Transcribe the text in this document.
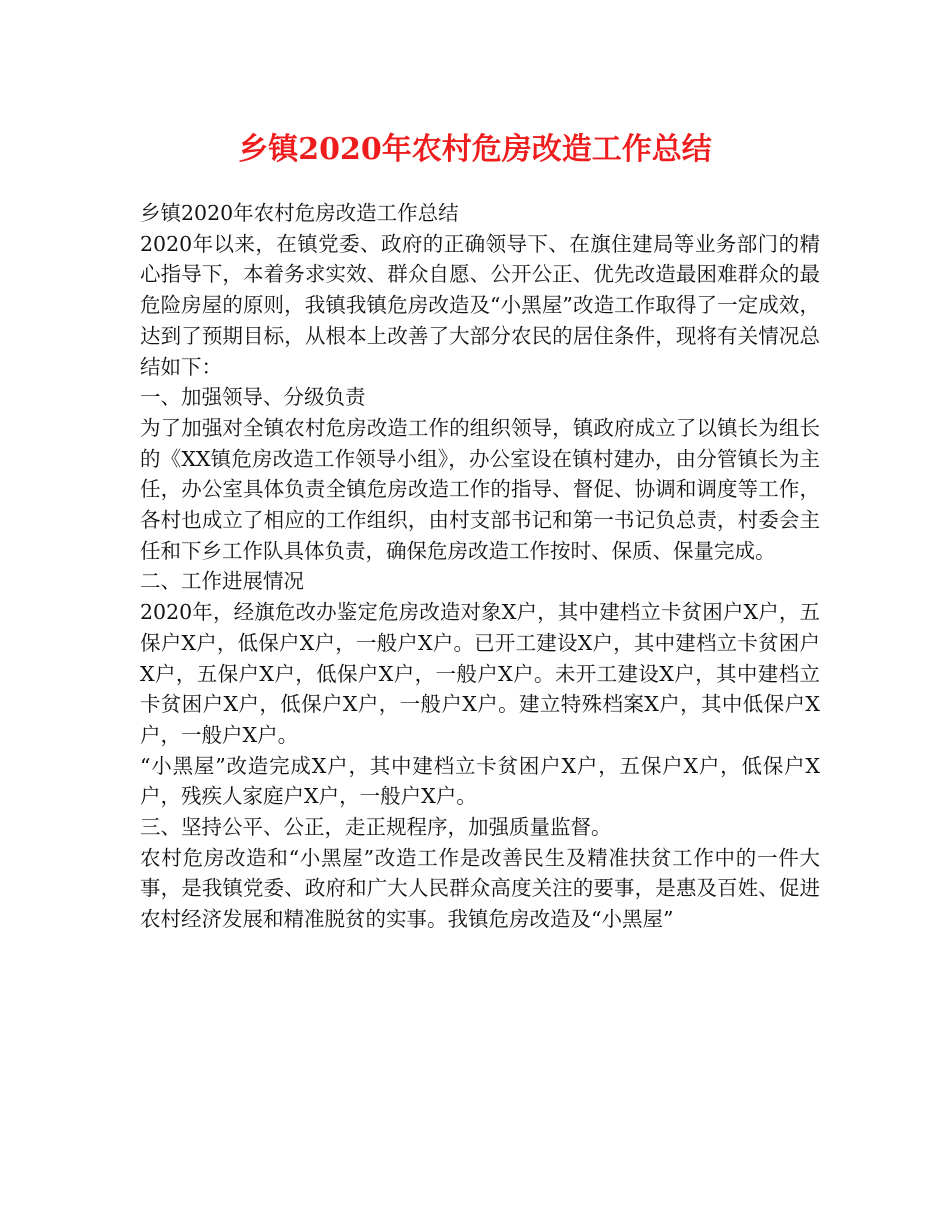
乡镇2020年农村危房改造工作总结

乡镇2020年农村危房改造工作总结

2020年以来，在镇党委、政府的正确领导下、在旗住建局等业务部门的精心指导下，本着务求实效、群众自愿、公开公正、优先改造最困难群众的最危险房屋的原则，我镇我镇危房改造及“小黑屋”改造工作取得了一定成效，达到了预期目标，从根本上改善了大部分农民的居住条件，现将有关情况总结如下：

一、加强领导、分级负责

为了加强对全镇农村危房改造工作的组织领导，镇政府成立了以镇长为组长的《XX镇危房改造工作领导小组》，办公室设在镇村建办，由分管镇长为主任，办公室具体负责全镇危房改造工作的指导、督促、协调和调度等工作，各村也成立了相应的工作组织，由村支部书记和第一书记负总责，村委会主任和下乡工作队具体负责，确保危房改造工作按时、保质、保量完成。

二、工作进展情况

2020年，经旗危改办鉴定危房改造对象X户，其中建档立卡贫困户X户，五保户X户，低保户X户，一般户X户。已开工建设X户，其中建档立卡贫困户X户，五保户X户，低保户X户，一般户X户。未开工建设X户，其中建档立卡贫困户X户，低保户X户，一般户X户。建立特殊档案X户，其中低保户X户，一般户X户。

“小黑屋”改造完成X户，其中建档立卡贫困户X户，五保户X户，低保户X户，残疾人家庭户X户，一般户X户。

三、坚持公平、公正，走正规程序，加强质量监督。

农村危房改造和“小黑屋”改造工作是改善民生及精准扶贫工作中的一件大事，是我镇党委、政府和广大人民群众高度关注的要事，是惠及百姓、促进农村经济发展和精准脱贫的实事。我镇危房改造及“小黑屋”
